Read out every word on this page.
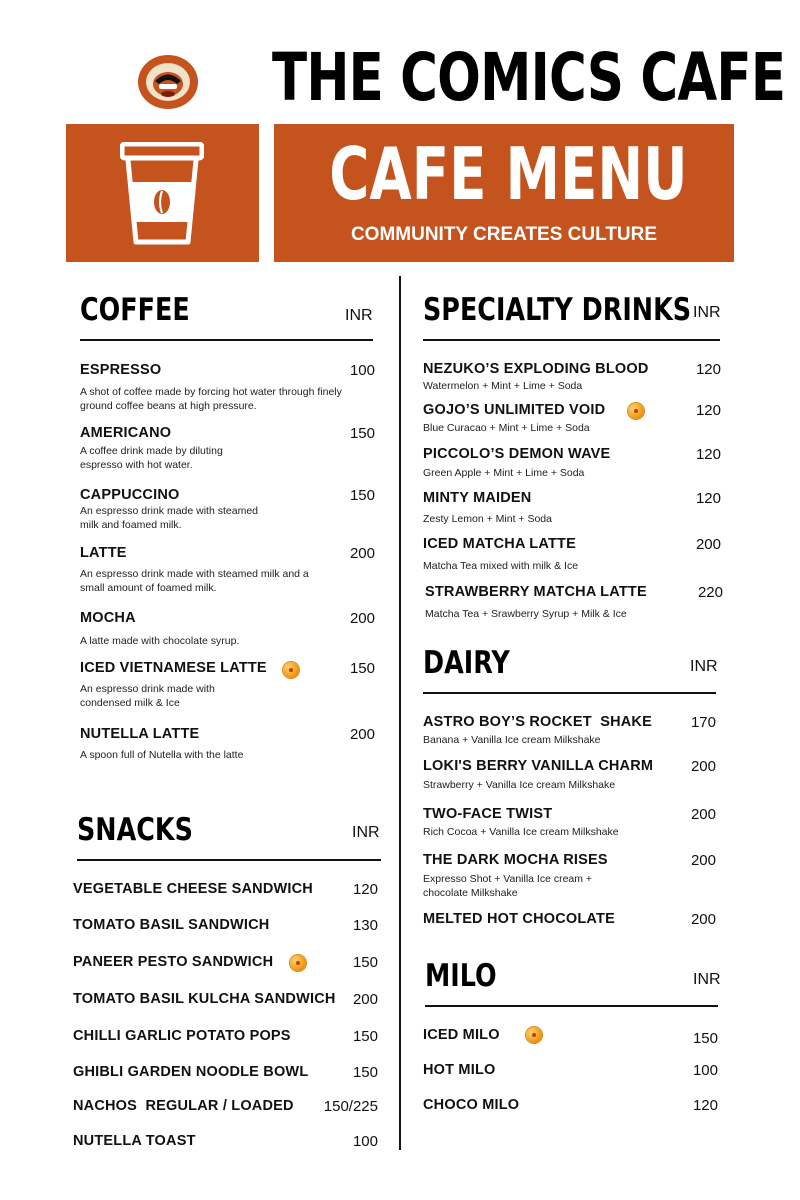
THE COMICS CAFE
CAFE MENU
COMMUNITY CREATES CULTURE
COFFEE	INR
ESPRESSO	100
A shot of coffee made by forcing hot water through finely ground coffee beans at high pressure.
AMERICANO	150
A coffee drink made by diluting espresso with hot water.
CAPPUCCINO	150
An espresso drink made with steamed milk and foamed milk.
LATTE	200
An espresso drink made with steamed milk and a small amount of foamed milk.
MOCHA	200
A latte made with chocolate syrup.
ICED VIETNAMESE LATTE	150
An espresso drink made with condensed milk & Ice
NUTELLA LATTE	200
A spoon full of Nutella with the latte
SNACKS	INR
VEGETABLE CHEESE SANDWICH	120
TOMATO BASIL SANDWICH	130
PANEER PESTO SANDWICH	150
TOMATO BASIL KULCHA SANDWICH	200
CHILLI GARLIC POTATO POPS	150
GHIBLI GARDEN NOODLE BOWL	150
NACHOS  REGULAR / LOADED	150/225
NUTELLA TOAST	100
SPECIALTY DRINKS INR
NEZUKO’S EXPLODING BLOOD	120
Watermelon + Mint + Lime + Soda
GOJO’S UNLIMITED VOID	120
Blue Curacao + Mint + Lime + Soda
PICCOLO’S DEMON WAVE	120
Green Apple + Mint + Lime + Soda
MINTY MAIDEN	120
Zesty Lemon + Mint + Soda
ICED MATCHA LATTE	200
Matcha Tea mixed with milk & Ice
STRAWBERRY MATCHA LATTE	220
Matcha Tea + Srawberry Syrup + Milk & Ice
DAIRY	INR
ASTRO BOY’S ROCKET  SHAKE	170
Banana + Vanilla Ice cream Milkshake
LOKI'S BERRY VANILLA CHARM	200
Strawberry + Vanilla Ice cream Milkshake
TWO-FACE TWIST	200
Rich Cocoa + Vanilla Ice cream Milkshake
THE DARK MOCHA RISES	200
Expresso Shot + Vanilla Ice cream + chocolate Milkshake
MELTED HOT CHOCOLATE	200
MILO	INR
ICED MILO	150
HOT MILO	100
CHOCO MILO	120
